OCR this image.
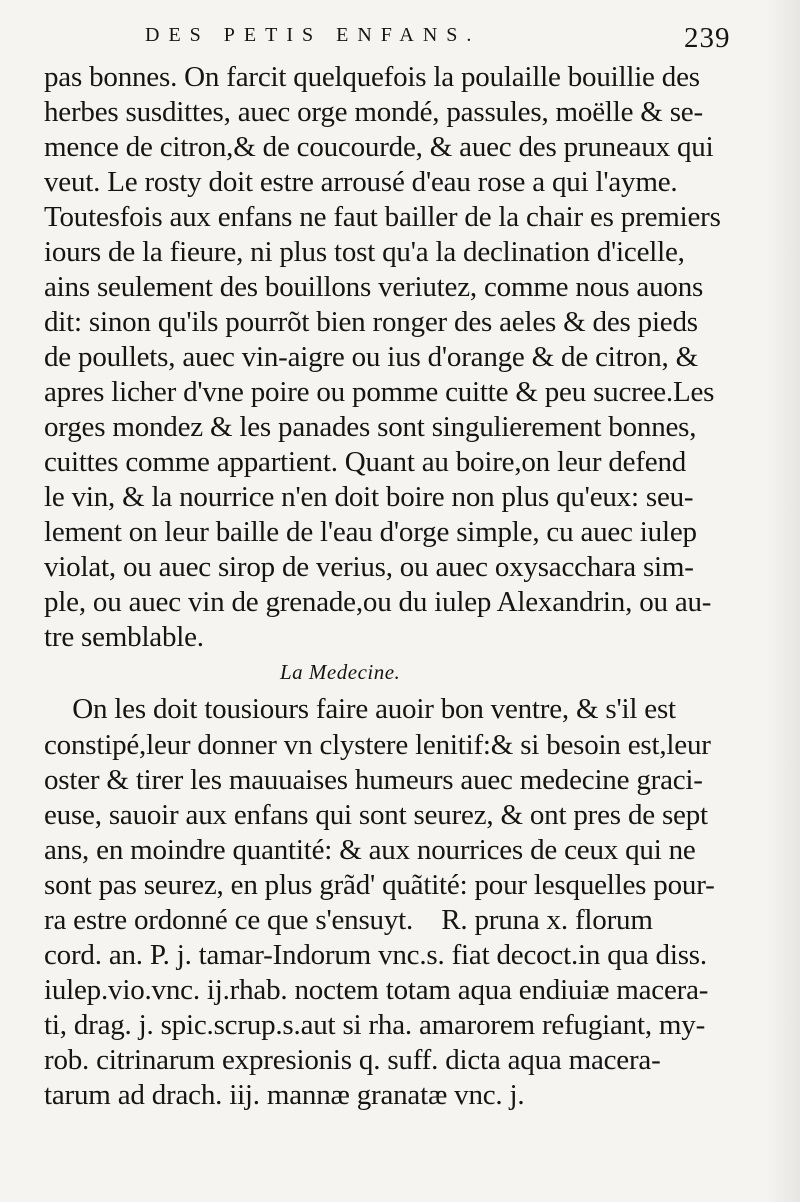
DES PETIS ENFANS.	239
pas bonnes. On farcit quelquefois la poulaille bouillie des
herbes susdittes, auec orge mondé, passules, moëlle & se-
mence de citron,& de coucourde, & auec des pruneaux qui
veut. Le rosty doit estre arrousé d'eau rose a qui l'ayme.
Toutesfois aux enfans ne faut bailler de la chair es premiers
iours de la fieure, ni plus tost qu'a la declination d'icelle,
ains seulement des bouillons veriutez, comme nous auons
dit: sinon qu'ils pourrõt bien ronger des aeles & des pieds
de poullets, auec vin-aigre ou ius d'orange & de citron, &
apres licher d'vne poire ou pomme cuitte & peu sucree.Les
orges mondez & les panades sont singulierement bonnes,
cuittes comme appartient. Quant au boire,on leur defend
le vin, & la nourrice n'en doit boire non plus qu'eux: seu-
lement on leur baille de l'eau d'orge simple, cu auec iulep
violat, ou auec sirop de verius, ou auec oxysacchara sim-
ple, ou auec vin de grenade,ou du iulep Alexandrin, ou au-
tre semblable.
La Medecine.
On les doit tousiours faire auoir bon ventre, & s'il est
constipé,leur donner vn clystere lenitif:& si besoin est,leur
oster & tirer les mauuaises humeurs auec medecine graci-
euse, sauoir aux enfans qui sont seurez, & ont pres de sept
ans, en moindre quantité: & aux nourrices de ceux qui ne
sont pas seurez, en plus grãd' quãtité: pour lesquelles pour-
ra estre ordonné ce que s'ensuyt.    R. pruna x. florum
cord. an. P. j. tamar-Indorum vnc.s. fiat decoct.in qua diss.
iulep.vio.vnc. ij.rhab. noctem totam aqua endiuiæ macera-
ti, drag. j. spic.scrup.s.aut si rha. amarorem refugiant, my-
rob. citrinarum expresionis q. suff. dicta aqua macera-
tarum ad drach. iij. mannæ granatæ vnc. j.
